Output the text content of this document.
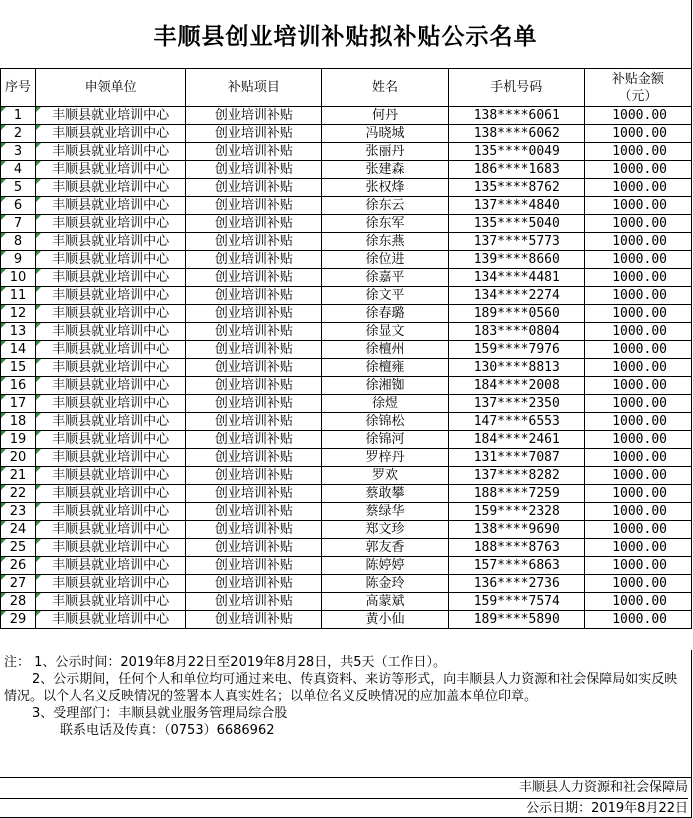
丰顺县创业培训补贴拟补贴公示名单
序号	申领单位	补贴项目	姓名	手机号码	补贴金额
（元）

1	丰顺县就业培训中心	创业培训补贴	何丹	138****6061	1000.00
2	丰顺县就业培训中心	创业培训补贴	冯晓城	138****6062	1000.00
3	丰顺县就业培训中心	创业培训补贴	张丽丹	135****0049	1000.00
4	丰顺县就业培训中心	创业培训补贴	张建森	186****1683	1000.00
5	丰顺县就业培训中心	创业培训补贴	张权烽	135****8762	1000.00
6	丰顺县就业培训中心	创业培训补贴	徐东云	137****4840	1000.00
7	丰顺县就业培训中心	创业培训补贴	徐东军	135****5040	1000.00
8	丰顺县就业培训中心	创业培训补贴	徐东燕	137****5773	1000.00
9	丰顺县就业培训中心	创业培训补贴	徐位进	139****8660	1000.00
10	丰顺县就业培训中心	创业培训补贴	徐嘉平	134****4481	1000.00
11	丰顺县就业培训中心	创业培训补贴	徐文平	134****2274	1000.00
12	丰顺县就业培训中心	创业培训补贴	徐春璐	189****0560	1000.00
13	丰顺县就业培训中心	创业培训补贴	徐显文	183****0804	1000.00
14	丰顺县就业培训中心	创业培训补贴	徐檀州	159****7976	1000.00
15	丰顺县就业培训中心	创业培训补贴	徐檀雍	130****8813	1000.00
16	丰顺县就业培训中心	创业培训补贴	徐湘铷	184****2008	1000.00
17	丰顺县就业培训中心	创业培训补贴	徐煜	137****2350	1000.00
18	丰顺县就业培训中心	创业培训补贴	徐锦松	147****6553	1000.00
19	丰顺县就业培训中心	创业培训补贴	徐锦河	184****2461	1000.00
20	丰顺县就业培训中心	创业培训补贴	罗梓丹	131****7087	1000.00
21	丰顺县就业培训中心	创业培训补贴	罗欢	137****8282	1000.00
22	丰顺县就业培训中心	创业培训补贴	蔡敢攀	188****7259	1000.00
23	丰顺县就业培训中心	创业培训补贴	蔡绿华	159****2328	1000.00
24	丰顺县就业培训中心	创业培训补贴	郑文珍	138****9690	1000.00
25	丰顺县就业培训中心	创业培训补贴	郭友香	188****8763	1000.00
26	丰顺县就业培训中心	创业培训补贴	陈婷婷	157****6863	1000.00
27	丰顺县就业培训中心	创业培训补贴	陈金玲	136****2736	1000.00
28	丰顺县就业培训中心	创业培训补贴	高蒙斌	159****7574	1000.00
29	丰顺县就业培训中心	创业培训补贴	黄小仙	189****5890	1000.00

注： 1、公示时间：2019年8月22日至2019年8月28日，共5天（工作日）。

2、公示期间，任何个人和单位均可通过来电、传真资料、来访等形式，向丰顺县人力资源和社会保障局如实反映情况。以个人名义反映情况的签署本人真实姓名；以单位名义反映情况的应加盖本单位印章。

3、受理部门：丰顺县就业服务管理局综合股

联系电话及传真：（0753）6686962

丰顺县人力资源和社会保障局
公示日期：2019年8月22日
